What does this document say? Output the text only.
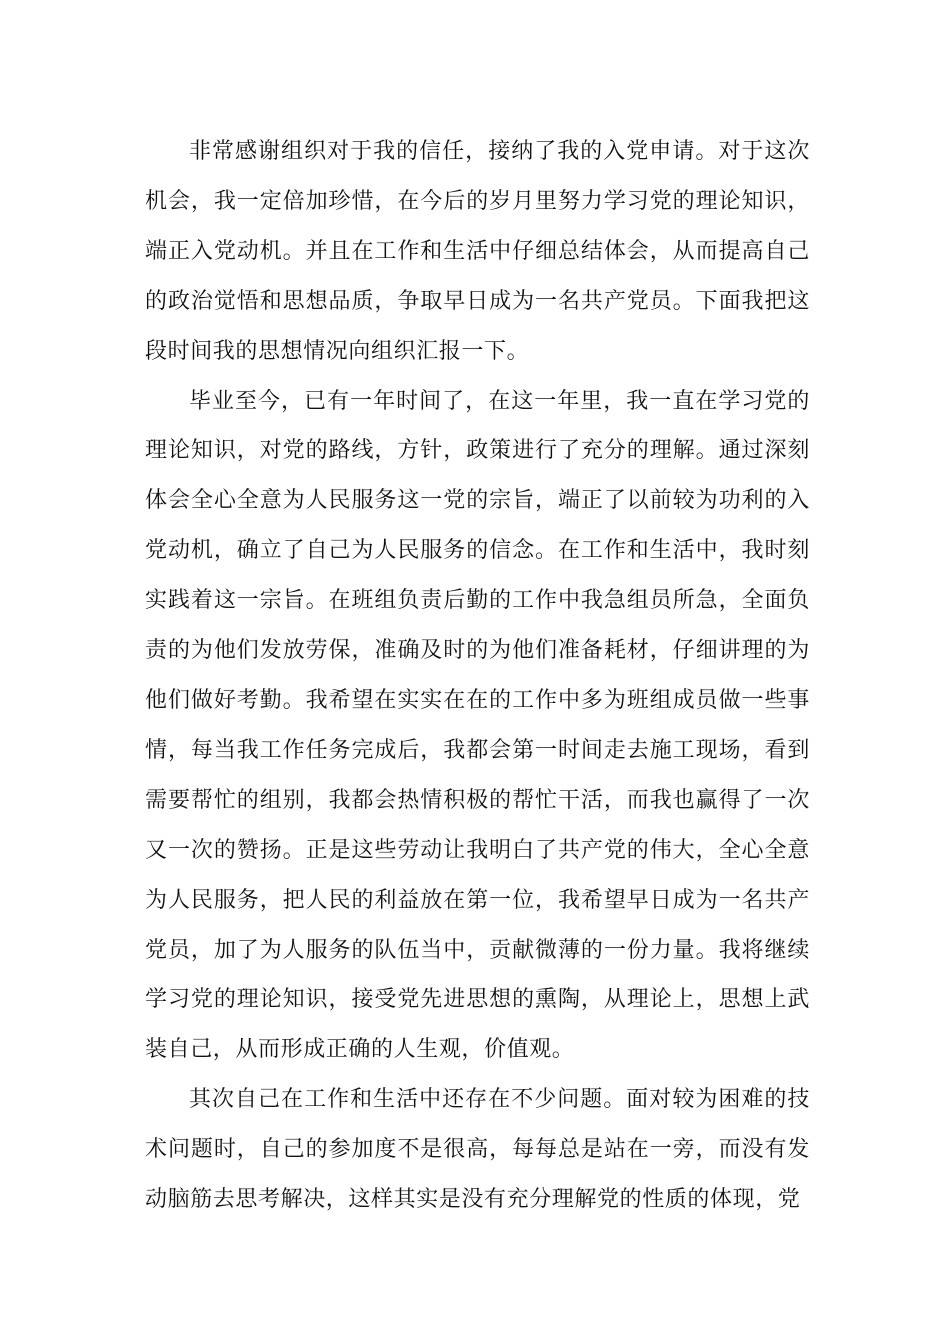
非常感谢组织对于我的信任，接纳了我的入党申请。对于这次机会，我一定倍加珍惜，在今后的岁月里努力学习党的理论知识，端正入党动机。并且在工作和生活中仔细总结体会，从而提高自己的政治觉悟和思想品质，争取早日成为一名共产党员。下面我把这段时间我的思想情况向组织汇报一下。

毕业至今，已有一年时间了，在这一年里，我一直在学习党的理论知识，对党的路线，方针，政策进行了充分的理解。通过深刻体会全心全意为人民服务这一党的宗旨，端正了以前较为功利的入党动机，确立了自己为人民服务的信念。在工作和生活中，我时刻实践着这一宗旨。在班组负责后勤的工作中我急组员所急，全面负责的为他们发放劳保，准确及时的为他们准备耗材，仔细讲理的为他们做好考勤。我希望在实实在在的工作中多为班组成员做一些事情，每当我工作任务完成后，我都会第一时间走去施工现场，看到需要帮忙的组别，我都会热情积极的帮忙干活，而我也赢得了一次又一次的赞扬。正是这些劳动让我明白了共产党的伟大，全心全意为人民服务，把人民的利益放在第一位，我希望早日成为一名共产党员，加了为人服务的队伍当中，贡献微薄的一份力量。我将继续学习党的理论知识，接受党先进思想的熏陶，从理论上，思想上武装自己，从而形成正确的人生观，价值观。

其次自己在工作和生活中还存在不少问题。面对较为困难的技术问题时，自己的参加度不是很高，每每总是站在一旁，而没有发动脑筋去思考解决，这样其实是没有充分理解党的性质的体现，党
